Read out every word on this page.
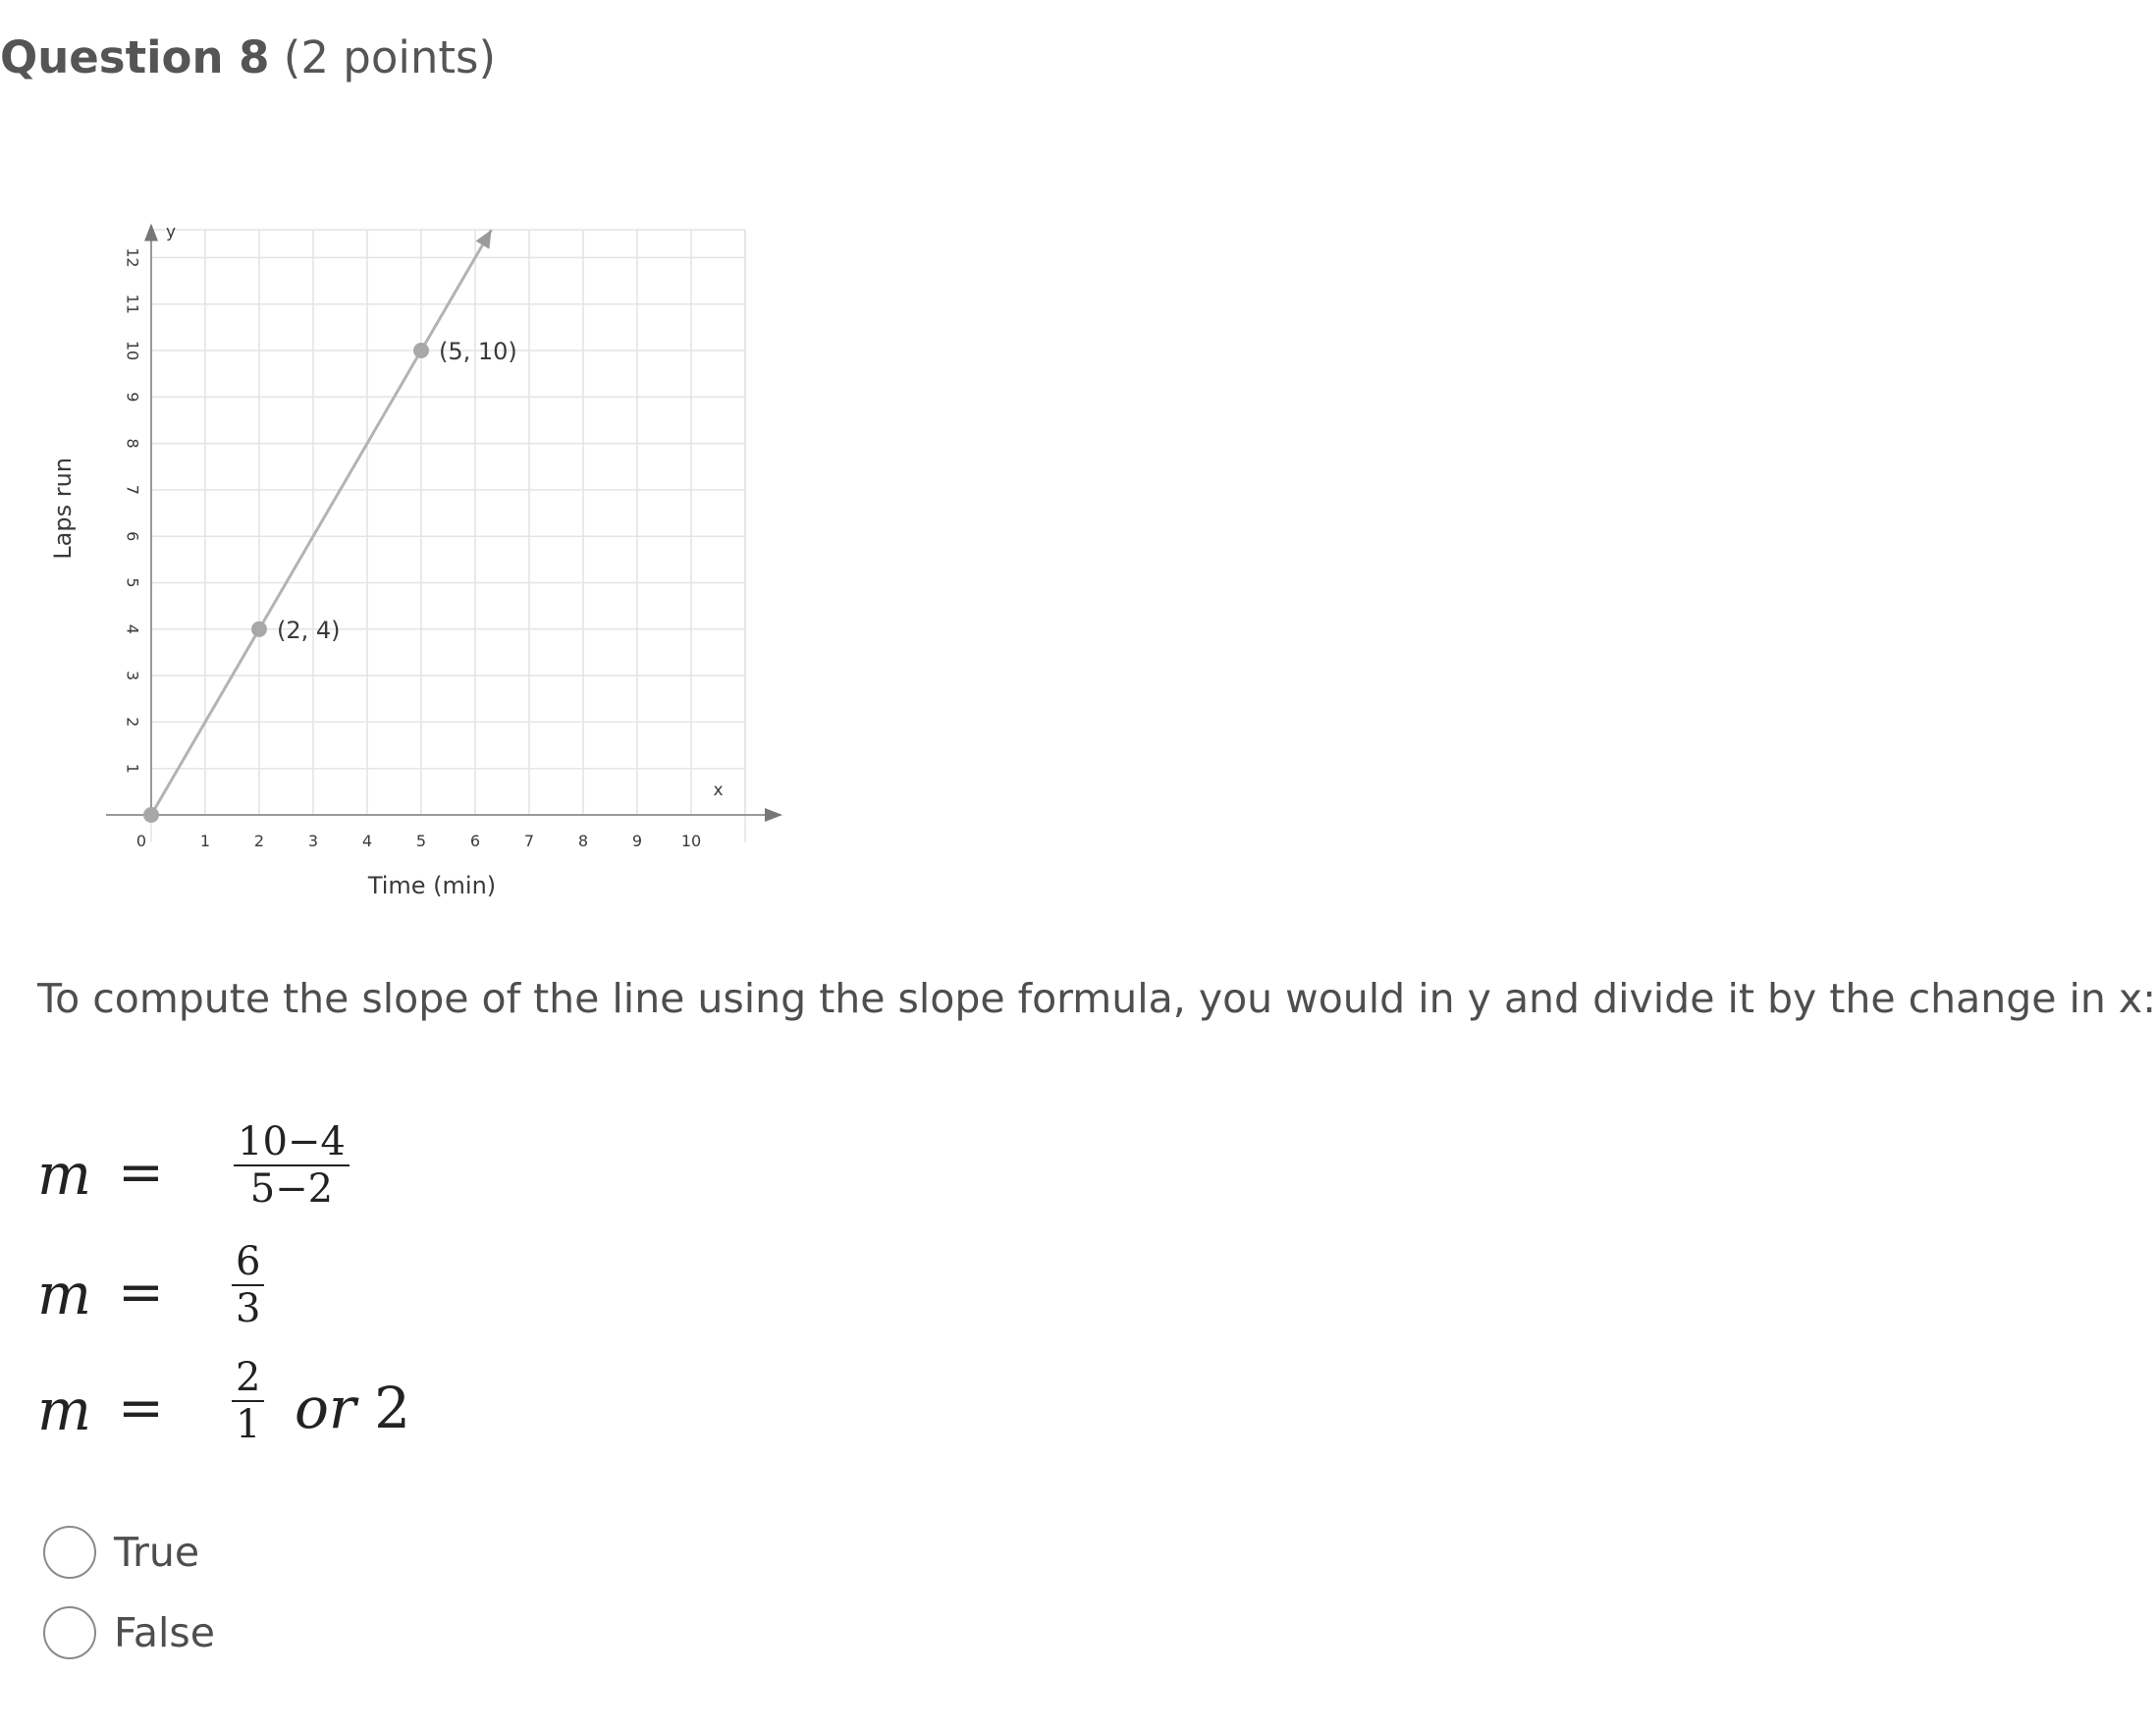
Question 8 (2 points)
0	1	2	3	4	5	6	7	8	9 10
1
2
3
4
5
6
7
8
9
10
11
12
x
y
Time (min)
Laps run
(2, 4)
(5, 10)
To compute the slope of the line using the slope formula, you would in y and divide it by the change in x:
m = 10−4
5−2
m = 6
3
m = 2
1 or 2
True
False
